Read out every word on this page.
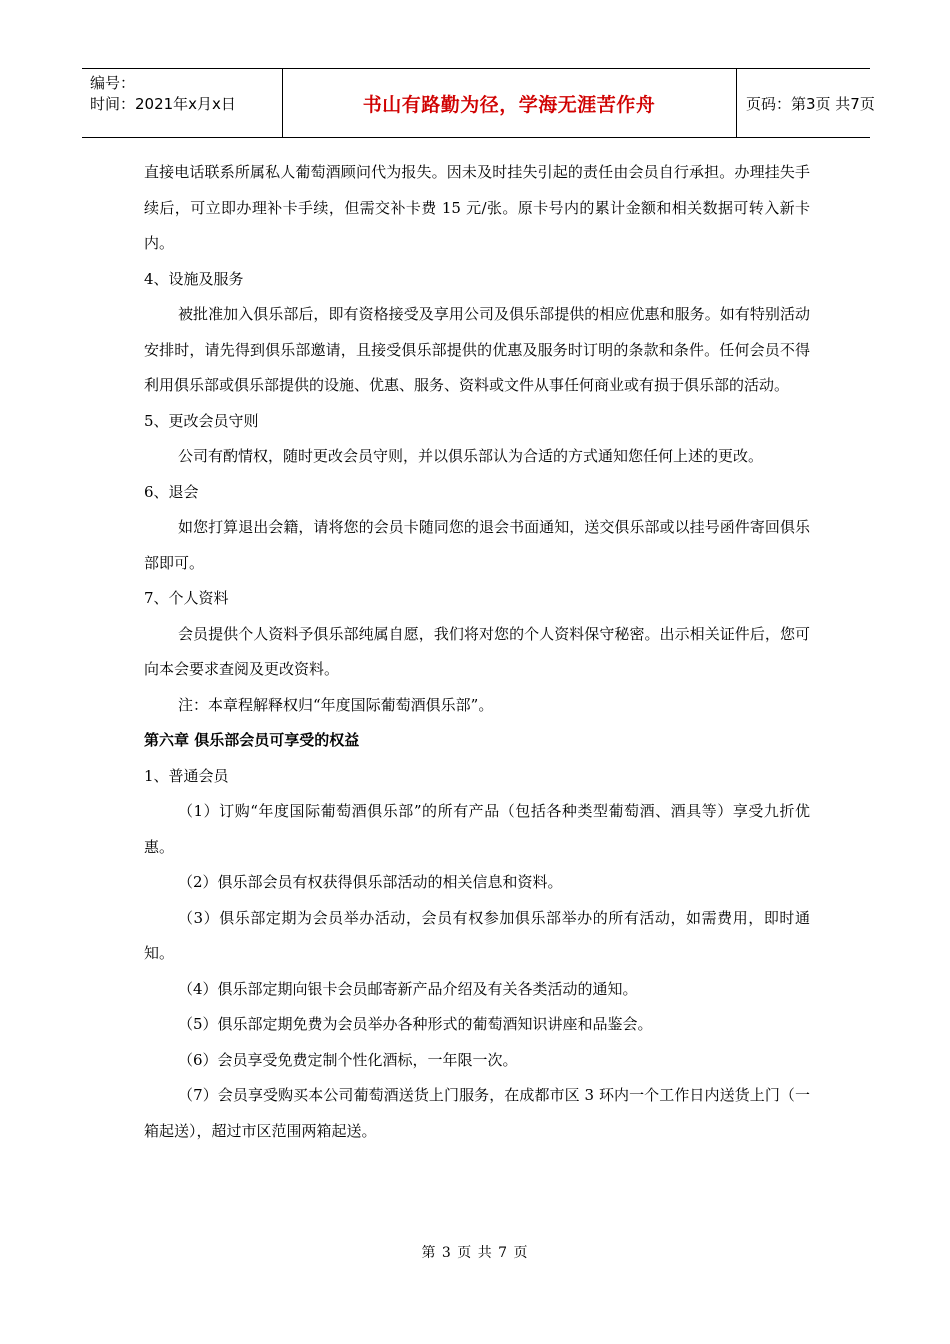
编号：
时间：2021年x月x日	书山有路勤为径，学海无涯苦作舟	页码：第3页 共7页

直接电话联系所属私人葡萄酒顾问代为报失。因未及时挂失引起的责任由会员自行承担。办理挂失手续后，可立即办理补卡手续，但需交补卡费 15 元/张。原卡号内的累计金额和相关数据可转入新卡内。

4、设施及服务

被批准加入俱乐部后，即有资格接受及享用公司及俱乐部提供的相应优惠和服务。如有特别活动安排时，请先得到俱乐部邀请，且接受俱乐部提供的优惠及服务时订明的条款和条件。任何会员不得利用俱乐部或俱乐部提供的设施、优惠、服务、资料或文件从事任何商业或有损于俱乐部的活动。

5、更改会员守则

公司有酌情权，随时更改会员守则，并以俱乐部认为合适的方式通知您任何上述的更改。

6、退会

如您打算退出会籍，请将您的会员卡随同您的退会书面通知，送交俱乐部或以挂号函件寄回俱乐部即可。

7、个人资料

会员提供个人资料予俱乐部纯属自愿，我们将对您的个人资料保守秘密。出示相关证件后，您可向本会要求查阅及更改资料。

注：本章程解释权归“年度国际葡萄酒俱乐部”。

第六章 俱乐部会员可享受的权益

1、普通会员

（1）订购“年度国际葡萄酒俱乐部”的所有产品（包括各种类型葡萄酒、酒具等）享受九折优惠。

（2）俱乐部会员有权获得俱乐部活动的相关信息和资料。

（3）俱乐部定期为会员举办活动，会员有权参加俱乐部举办的所有活动，如需费用，即时通知。

（4）俱乐部定期向银卡会员邮寄新产品介绍及有关各类活动的通知。

（5）俱乐部定期免费为会员举办各种形式的葡萄酒知识讲座和品鉴会。

（6）会员享受免费定制个性化酒标，一年限一次。

（7）会员享受购买本公司葡萄酒送货上门服务，在成都市区 3 环内一个工作日内送货上门（一箱起送），超过市区范围两箱起送。

第 3 页 共 7 页
